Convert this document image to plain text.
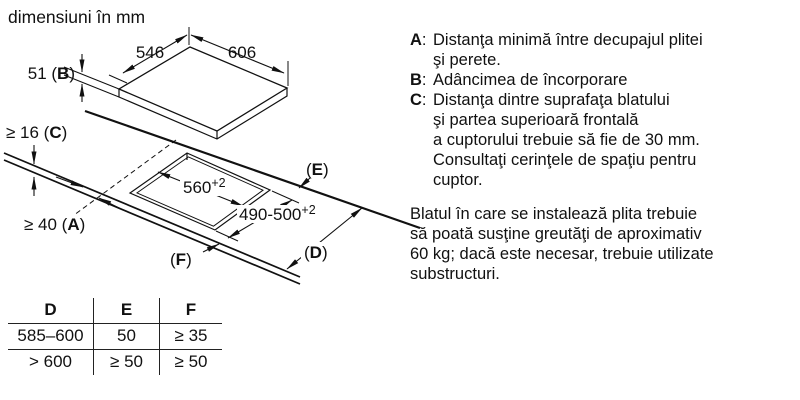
dimensiuni în mm
546	606
51 (B)
≥ 16 (C)
≥ 40 (A)
$560^{+2}$
$490-500^{+2}$
(E)
(D)
(F)
A: Distanţa minimă între decupajul plitei
şi perete.
B: Adâncimea de încorporare
C: Distanţa dintre suprafaţa blatului
şi partea superioară frontală
a cuptorului trebuie să fie de 30 mm.
Consultaţi cerinţele de spaţiu pentru
cuptor.
Blatul în care se instalează plita trebuie
să poată susţine greutăţi de aproximativ
60 kg; dacă este necesar, trebuie utilizate
substructuri.
D	E	F
585–600	50	≥ 35
> 600	≥ 50	≥ 50
